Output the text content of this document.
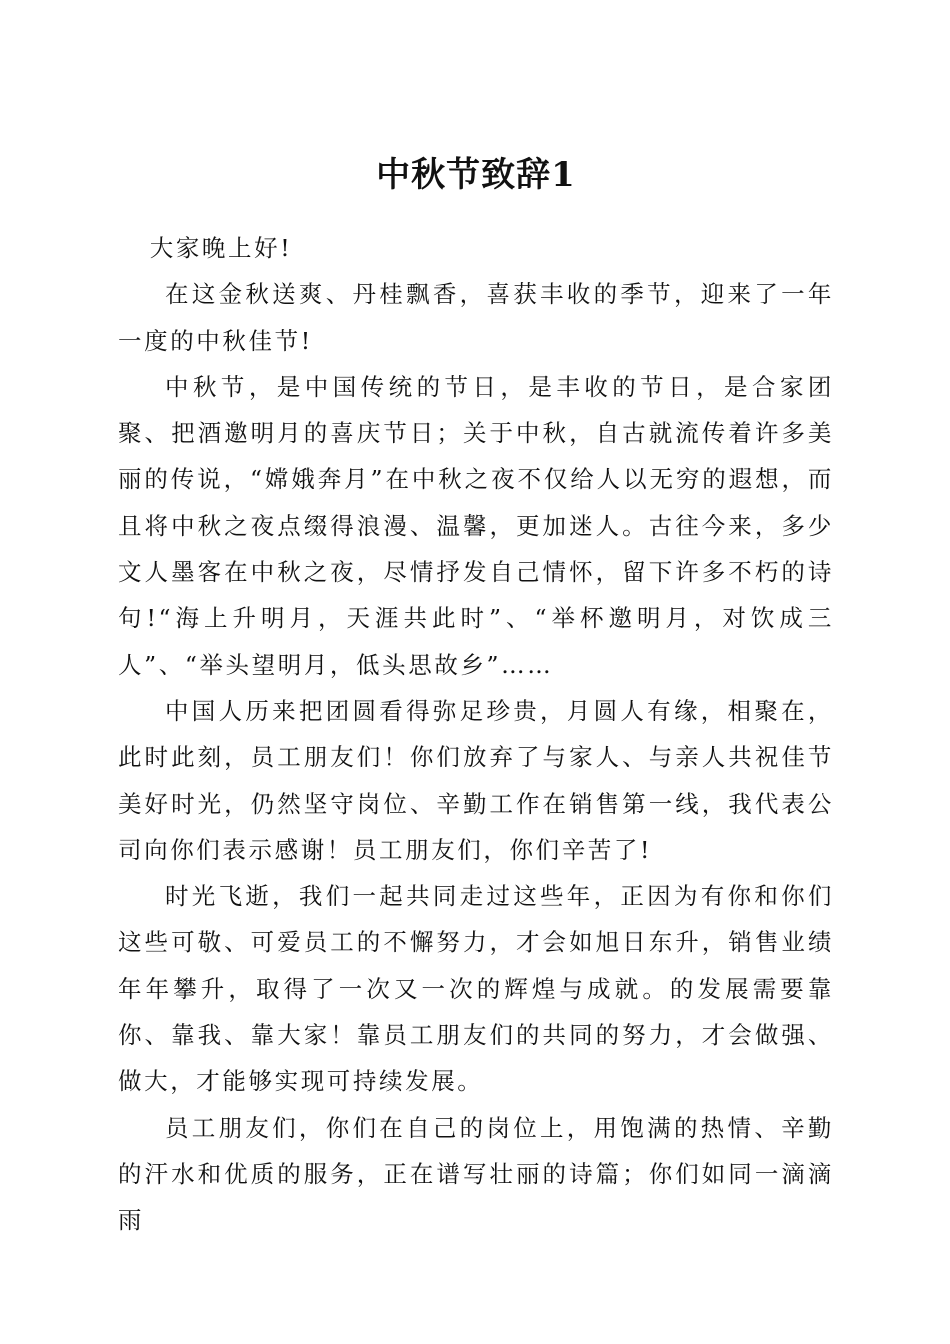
中秋节致辞1

大家晚上好!

在这金秋送爽、丹桂飘香，喜获丰收的季节，迎来了一年一度的中秋佳节!

中秋节，是中国传统的节日，是丰收的节日，是合家团聚、把酒邀明月的喜庆节日；关于中秋，自古就流传着许多美丽的传说，“嫦娥奔月”在中秋之夜不仅给人以无穷的遐想，而且将中秋之夜点缀得浪漫、温馨，更加迷人。古往今来，多少文人墨客在中秋之夜，尽情抒发自己情怀，留下许多不朽的诗句!“海上升明月，天涯共此时”、“举杯邀明月，对饮成三人”、“举头望明月，低头思故乡”……

中国人历来把团圆看得弥足珍贵，月圆人有缘，相聚在，此时此刻，员工朋友们！你们放弃了与家人、与亲人共祝佳节美好时光，仍然坚守岗位、辛勤工作在销售第一线，我代表公司向你们表示感谢！员工朋友们，你们辛苦了!

时光飞逝，我们一起共同走过这些年，正因为有你和你们这些可敬、可爱员工的不懈努力，才会如旭日东升，销售业绩年年攀升，取得了一次又一次的辉煌与成就。的发展需要靠你、靠我、靠大家！靠员工朋友们的共同的努力，才会做强、做大，才能够实现可持续发展。

员工朋友们，你们在自己的岗位上，用饱满的热情、辛勤的汗水和优质的服务，正在谱写壮丽的诗篇；你们如同一滴滴雨
